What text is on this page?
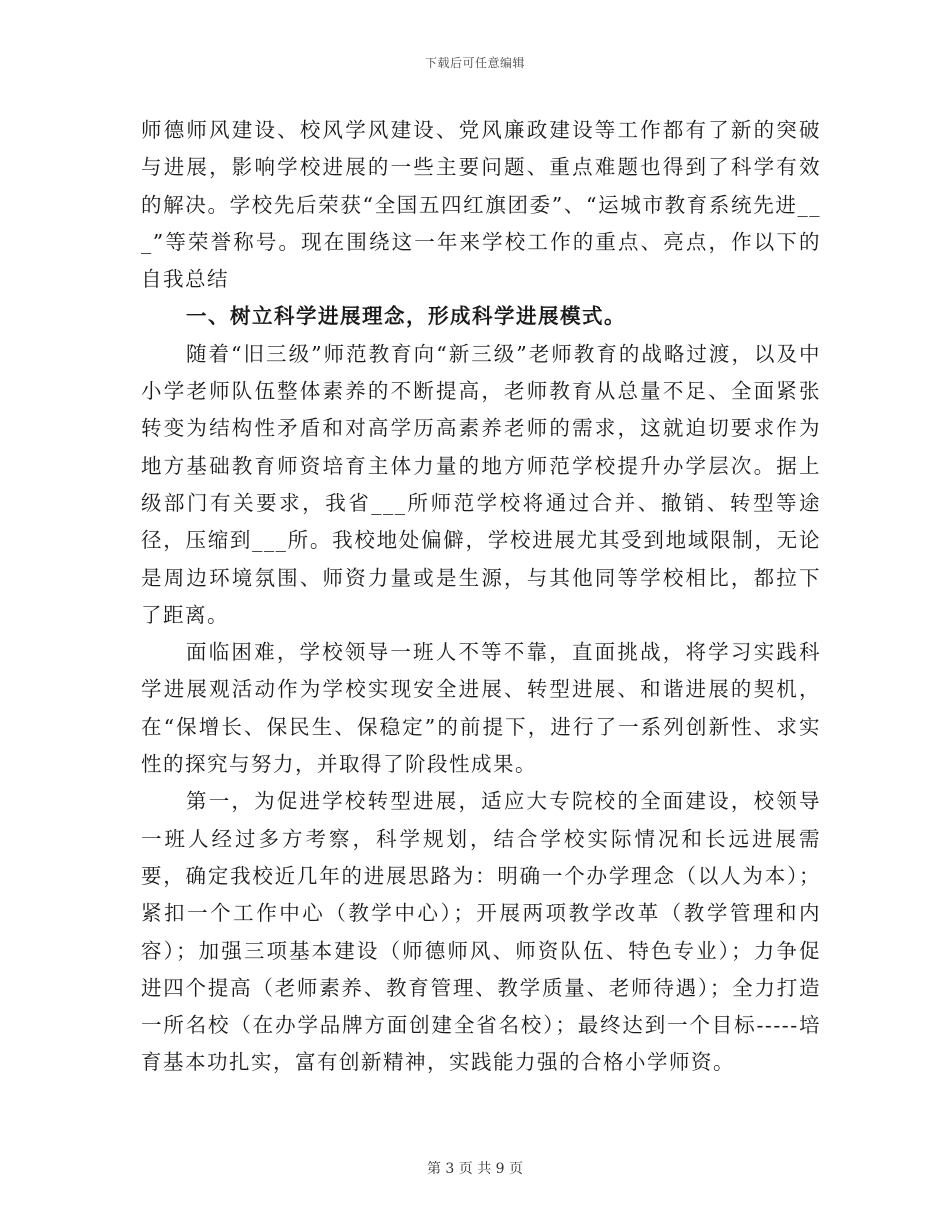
下载后可任意编辑

师德师风建设、校风学风建设、党风廉政建设等工作都有了新的突破与进展，影响学校进展的一些主要问题、重点难题也得到了科学有效的解决。学校先后荣获“全国五四红旗团委”、“运城市教育系统先进___”等荣誉称号。现在围绕这一年来学校工作的重点、亮点，作以下的自我总结

一、树立科学进展理念，形成科学进展模式。

随着“旧三级”师范教育向“新三级”老师教育的战略过渡，以及中小学老师队伍整体素养的不断提高，老师教育从总量不足、全面紧张转变为结构性矛盾和对高学历高素养老师的需求，这就迫切要求作为地方基础教育师资培育主体力量的地方师范学校提升办学层次。据上级部门有关要求，我省___所师范学校将通过合并、撤销、转型等途径，压缩到___所。我校地处偏僻，学校进展尤其受到地域限制，无论是周边环境氛围、师资力量或是生源，与其他同等学校相比，都拉下了距离。

面临困难，学校领导一班人不等不靠，直面挑战，将学习实践科学进展观活动作为学校实现安全进展、转型进展、和谐进展的契机，在“保增长、保民生、保稳定”的前提下，进行了一系列创新性、求实性的探究与努力，并取得了阶段性成果。

第一，为促进学校转型进展，适应大专院校的全面建设，校领导一班人经过多方考察，科学规划，结合学校实际情况和长远进展需要，确定我校近几年的进展思路为：明确一个办学理念（以人为本）；紧扣一个工作中心（教学中心）；开展两项教学改革（教学管理和内容）；加强三项基本建设（师德师风、师资队伍、特色专业）；力争促进四个提高（老师素养、教育管理、教学质量、老师待遇）；全力打造一所名校（在办学品牌方面创建全省名校）；最终达到一个目标-----培育基本功扎实，富有创新精神，实践能力强的合格小学师资。

第 3 页 共 9 页
